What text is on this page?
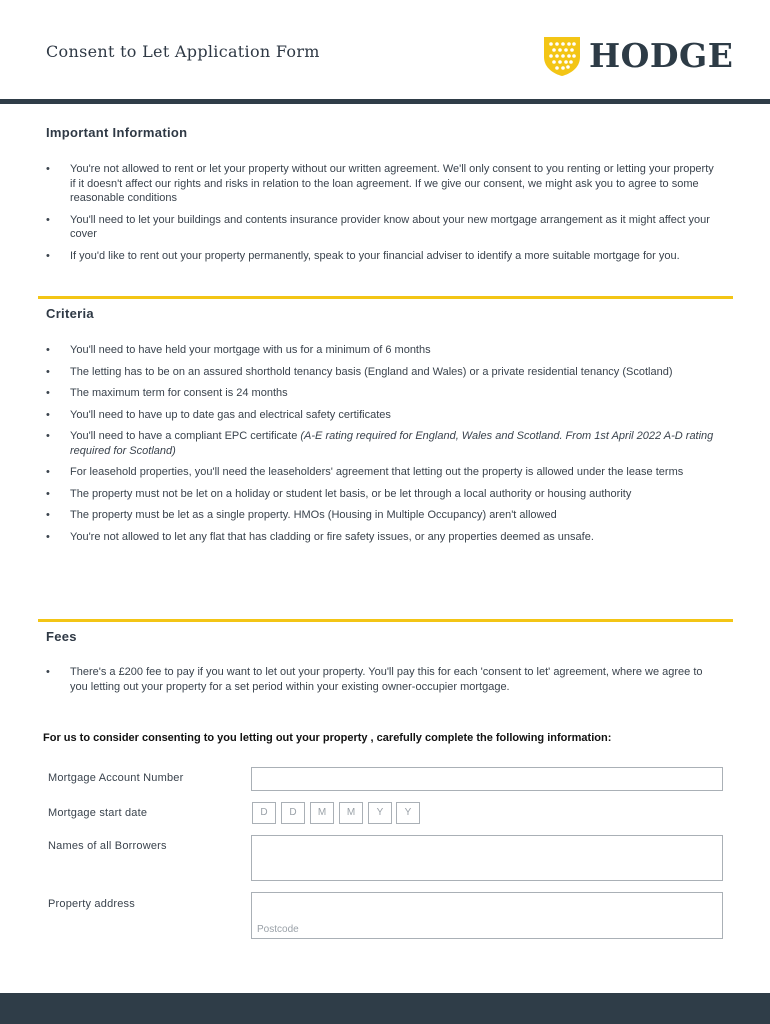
Consent to Let Application Form	HODGE
Important Information
• You're not allowed to rent or let your property without our written agreement. We'll only consent to you renting or letting your property if it doesn't affect our rights and risks in relation to the loan agreement. If we give our consent, we might ask you to agree to some reasonable conditions
• You'll need to let your buildings and contents insurance provider know about your new mortgage arrangement as it might affect your cover
• If you'd like to rent out your property permanently, speak to your financial adviser to identify a more suitable mortgage for you.
Criteria
• You'll need to have held your mortgage with us for a minimum of 6 months
• The letting has to be on an assured shorthold tenancy basis (England and Wales) or a private residential tenancy (Scotland)
• The maximum term for consent is 24 months
• You'll need to have up to date gas and electrical safety certificates
• You'll need to have a compliant EPC certificate (A-E rating required for England, Wales and Scotland. From 1st April 2022 A-D rating required for Scotland)
• For leasehold properties, you'll need the leaseholders' agreement that letting out the property is allowed under the lease terms
• The property must not be let on a holiday or student let basis, or be let through a local authority or housing authority
• The property must be let as a single property. HMOs (Housing in Multiple Occupancy) aren't allowed
• You're not allowed to let any flat that has cladding or fire safety issues, or any properties deemed as unsafe.
Fees
• There's a £200 fee to pay if you want to let out your property. You'll pay this for each 'consent to let' agreement, where we agree to you letting out your property for a set period within your existing owner-occupier mortgage.
For us to consider consenting to you letting out your property , carefully complete the following information:
Mortgage Account Number
Mortgage start date	D	D	M	M	Y	Y
Names of all Borrowers
Property address
Postcode
